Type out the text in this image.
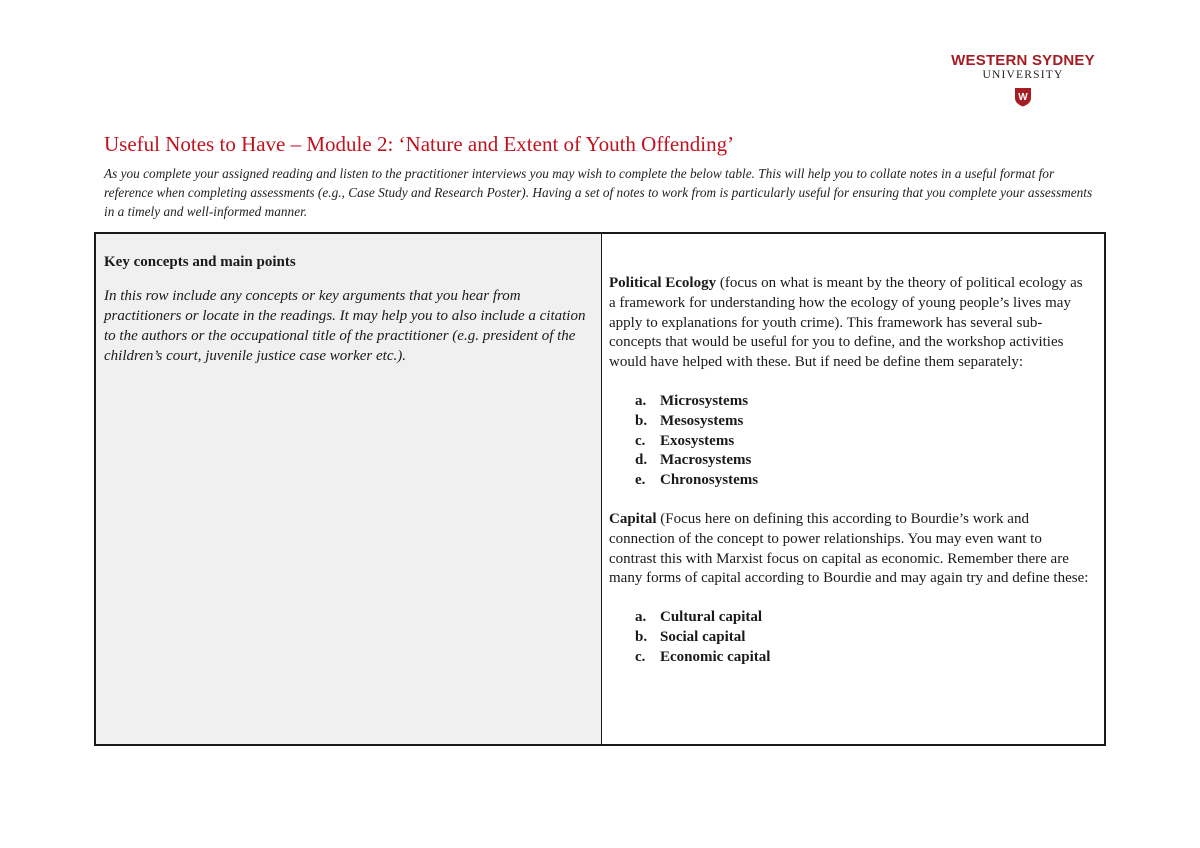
WESTERN SYDNEY
UNIVERSITY
W
Useful Notes to Have – Module 2: ‘Nature and Extent of Youth Offending’

As you complete your assigned reading and listen to the practitioner interviews you may wish to complete the below table. This will help you to collate notes in a useful format for reference when completing assessments (e.g., Case Study and Research Poster). Having a set of notes to work from is particularly useful for ensuring that you complete your assessments in a timely and well-informed manner.

Key concepts and main points

In this row include any concepts or key arguments that you hear from practitioners or locate in the readings. It may help you to also include a citation to the authors or the occupational title of the practitioner (e.g. president of the children’s court, juvenile justice case worker etc.).

Political Ecology (focus on what is meant by the theory of political ecology as a framework for understanding how the ecology of young people’s lives may apply to explanations for youth crime). This framework has several sub-concepts that would be useful for you to define, and the workshop activities would have helped with these. But if need be define them separately:

a. Microsystems
b. Mesosystems
c. Exosystems
d. Macrosystems
e. Chronosystems

Capital (Focus here on defining this according to Bourdie’s work and connection of the concept to power relationships. You may even want to contrast this with Marxist focus on capital as economic. Remember there are many forms of capital according to Bourdie and may again try and define these:

a. Cultural capital
b. Social capital
c. Economic capital
